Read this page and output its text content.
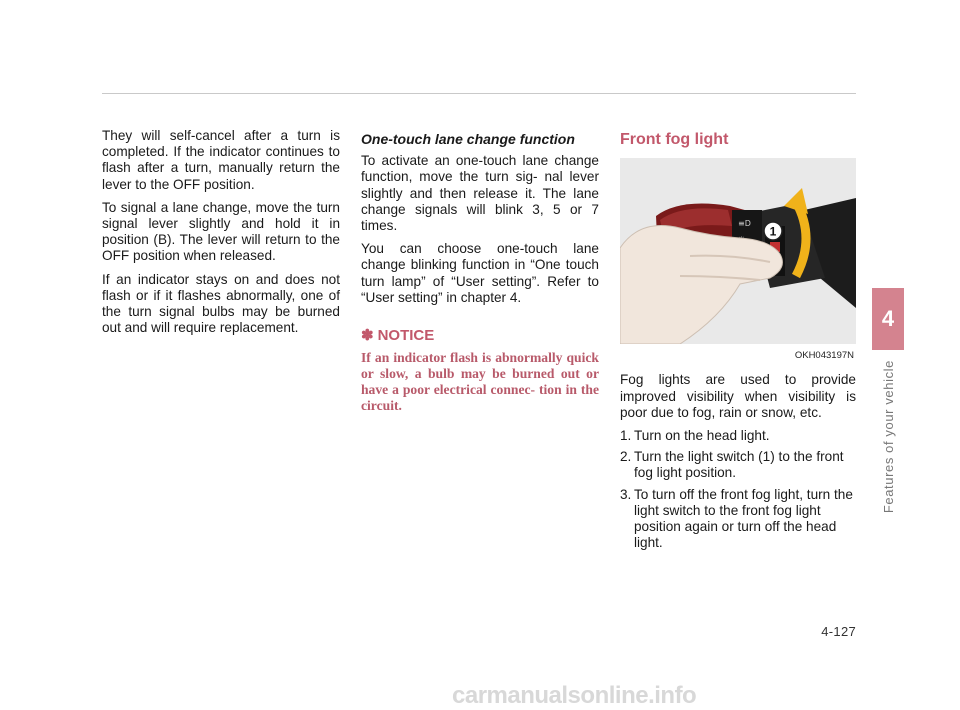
They will self-cancel after a turn is completed. If the indicator continues to flash after a turn, manually return the lever to the OFF position.

To signal a lane change, move the turn signal lever slightly and hold it in position (B). The lever will return to the OFF position when released.

If an indicator stays on and does not flash or if it flashes abnormally, one of the turn signal bulbs may be burned out and will require replacement.

One-touch lane change function

To activate an one-touch lane change function, move the turn sig- nal lever slightly and then release it. The lane change signals will blink 3, 5 or 7 times.

You can choose one-touch lane change blinking function in “One touch turn lamp” of “User setting”. Refer to “User setting” in chapter 4.

✽ NOTICE

If an indicator flash is abnormally quick or slow, a bulb may be burned out or have a poor electrical connec- tion in the circuit.

Front fog light
≡D
1
OKH043197N

Fog lights are used to provide improved visibility when visibility is poor due to fog, rain or snow, etc.

1. Turn on the head light.
2. Turn the light switch (1) to the front fog light position.
3. To turn off the front fog light, turn the light switch to the front fog light position again or turn off the head light.
4
Features of your vehicle
4-127
carmanualsonline.info
